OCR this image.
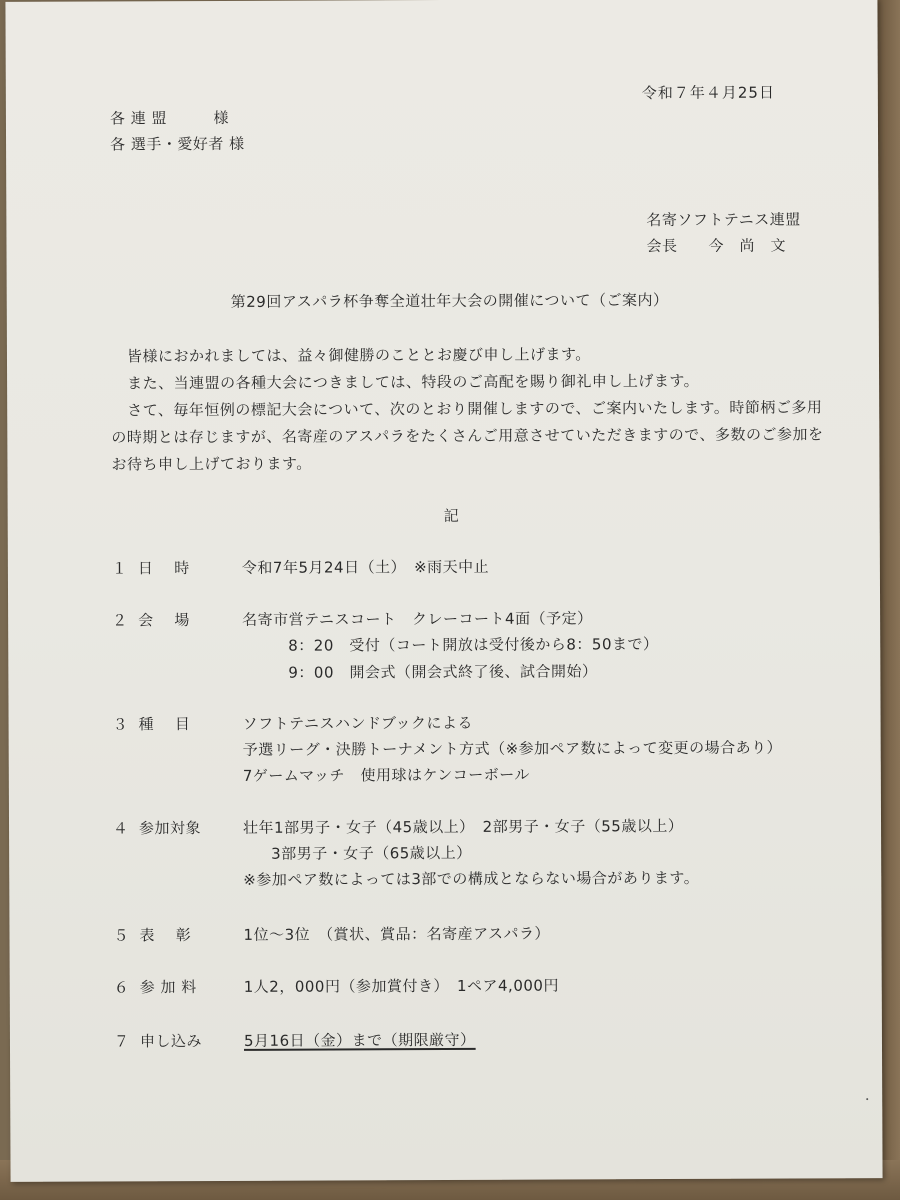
令和７年４月25日
各 連 盟　　　様
各 選手・愛好者 様
名寄ソフトテニス連盟
会長　　今　尚　文
第29回アスパラ杯争奪全道壮年大会の開催について（ご案内）
皆様におかれましては、益々御健勝のこととお慶び申し上げます。
また、当連盟の各種大会につきましては、特段のご高配を賜り御礼申し上げます。
さて、毎年恒例の標記大会について、次のとおり開催しますので、ご案内いたします。時節柄ご多用
の時期とは存じますが、名寄産のアスパラをたくさんご用意させていただきますので、多数のご参加を
お待ち申し上げております。
記
１ 日　 時	令和7年5月24日（土）　※雨天中止
２ 会　 場	名寄市営テニスコート　クレーコート4面（予定）
8：20　受付（コート開放は受付後から8：50まで）
9：00　開会式（開会式終了後、試合開始）
３ 種　 目	ソフトテニスハンドブックによる
予選リーグ・決勝トーナメント方式（※参加ペア数によって変更の場合あり）
7ゲームマッチ　使用球はケンコーボール
４ 参加対象	壮年1部男子・女子（45歳以上）　2部男子・女子（55歳以上）
3部男子・女子（65歳以上）
※参加ペア数によっては3部での構成とならない場合があります。
５ 表　 彰	1位～3位　（賞状、賞品：名寄産アスパラ）
６ 参 加 料	1人2，000円（参加賞付き）　1ペア4,000円
７ 申し込み	5月16日（金）まで（期限厳守）
